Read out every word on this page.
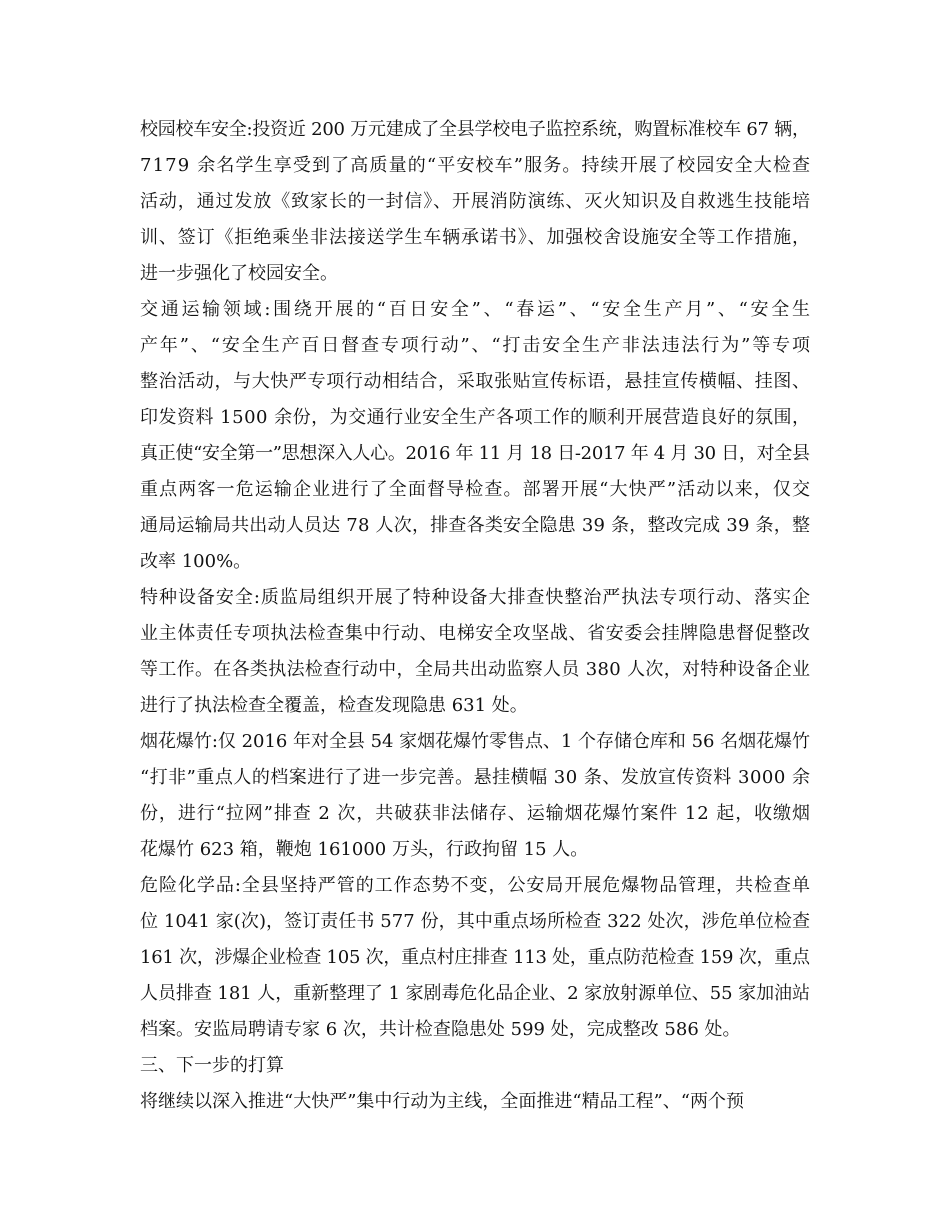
校园校车安全:投资近 200 万元建成了全县学校电子监控系统，购置标准校车 67 辆，
7179 余名学生享受到了高质量的“平安校车”服务。持续开展了校园安全大检查
活动，通过发放《致家长的一封信》、开展消防演练、灭火知识及自救逃生技能培
训、签订《拒绝乘坐非法接送学生车辆承诺书》、加强校舍设施安全等工作措施，
进一步强化了校园安全。
交通运输领域:围绕开展的“百日安全”、“春运”、“安全生产月”、“安全生
产年”、“安全生产百日督查专项行动”、“打击安全生产非法违法行为”等专项
整治活动，与大快严专项行动相结合，采取张贴宣传标语，悬挂宣传横幅、挂图、
印发资料 1500 余份，为交通行业安全生产各项工作的顺利开展营造良好的氛围，
真正使“安全第一”思想深入人心。2016 年 11 月 18 日-2017 年 4 月 30 日，对全县
重点两客一危运输企业进行了全面督导检查。部署开展“大快严”活动以来，仅交
通局运输局共出动人员达 78 人次，排查各类安全隐患 39 条，整改完成 39 条，整
改率 100%。
特种设备安全:质监局组织开展了特种设备大排查快整治严执法专项行动、落实企
业主体责任专项执法检查集中行动、电梯安全攻坚战、省安委会挂牌隐患督促整改
等工作。在各类执法检查行动中，全局共出动监察人员 380 人次，对特种设备企业
进行了执法检查全覆盖，检查发现隐患 631 处。
烟花爆竹:仅 2016 年对全县 54 家烟花爆竹零售点、1 个存储仓库和 56 名烟花爆竹
“打非”重点人的档案进行了进一步完善。悬挂横幅 30 条、发放宣传资料 3000 余
份，进行“拉网”排查 2 次，共破获非法储存、运输烟花爆竹案件 12 起，收缴烟
花爆竹 623 箱，鞭炮 161000 万头，行政拘留 15 人。
危险化学品:全县坚持严管的工作态势不变，公安局开展危爆物品管理，共检查单
位 1041 家(次)，签订责任书 577 份，其中重点场所检查 322 处次，涉危单位检查
161 次，涉爆企业检查 105 次，重点村庄排查 113 处，重点防范检查 159 次，重点
人员排查 181 人，重新整理了 1 家剧毒危化品企业、2 家放射源单位、55 家加油站
档案。安监局聘请专家 6 次，共计检查隐患处 599 处，完成整改 586 处。
三、下一步的打算
将继续以深入推进“大快严”集中行动为主线，全面推进“精品工程”、“两个预
